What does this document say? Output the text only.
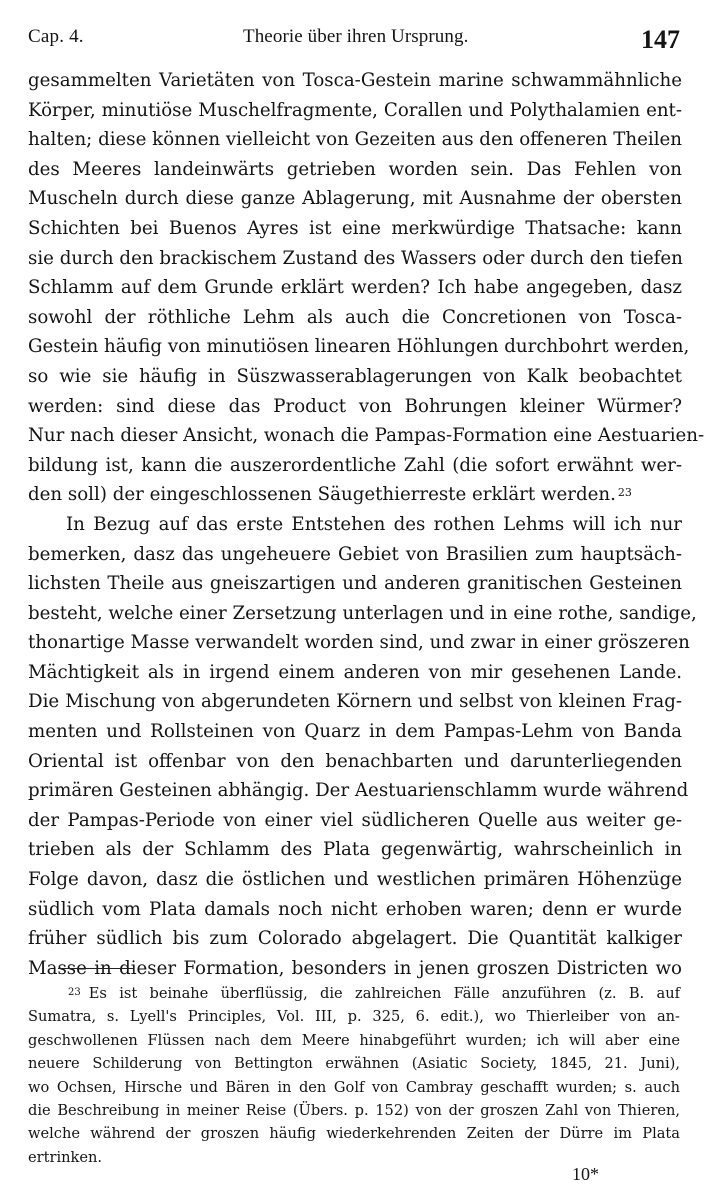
Cap. 4.	Theorie über ihren Ursprung.	147
gesammelten Varietäten von Tosca-Gestein marine schwammähnliche
Körper, minutiöse Muschelfragmente, Corallen und Polythalamien ent-
halten; diese können vielleicht von Gezeiten aus den offeneren Theilen
des Meeres landeinwärts getrieben worden sein. Das Fehlen von
Muscheln durch diese ganze Ablagerung, mit Ausnahme der obersten
Schichten bei Buenos Ayres ist eine merkwürdige Thatsache: kann
sie durch den brackischem Zustand des Wassers oder durch den tiefen
Schlamm auf dem Grunde erklärt werden? Ich habe angegeben, dasz
sowohl der röthliche Lehm als auch die Concretionen von Tosca-
Gestein häufig von minutiösen linearen Höhlungen durchbohrt werden,
so wie sie häufig in Süszwasserablagerungen von Kalk beobachtet
werden: sind diese das Product von Bohrungen kleiner Würmer?
Nur nach dieser Ansicht, wonach die Pampas-Formation eine Aestuarien-
bildung ist, kann die auszerordentliche Zahl (die sofort erwähnt wer-
den soll) der eingeschlossenen Säugethierreste erklärt werden. $^{23}$
In Bezug auf das erste Entstehen des rothen Lehms will ich nur
bemerken, dasz das ungeheuere Gebiet von Brasilien zum hauptsäch-
lichsten Theile aus gneiszartigen und anderen granitischen Gesteinen
besteht, welche einer Zersetzung unterlagen und in eine rothe, sandige,
thonartige Masse verwandelt worden sind, und zwar in einer gröszeren
Mächtigkeit als in irgend einem anderen von mir gesehenen Lande.
Die Mischung von abgerundeten Körnern und selbst von kleinen Frag-
menten und Rollsteinen von Quarz in dem Pampas-Lehm von Banda
Oriental ist offenbar von den benachbarten und darunterliegenden
primären Gesteinen abhängig. Der Aestuarienschlamm wurde während
der Pampas-Periode von einer viel südlicheren Quelle aus weiter ge-
trieben als der Schlamm des Plata gegenwärtig, wahrscheinlich in
Folge davon, dasz die östlichen und westlichen primären Höhenzüge
südlich vom Plata damals noch nicht erhoben waren; denn er wurde
früher südlich bis zum Colorado abgelagert. Die Quantität kalkiger
Masse in dieser Formation, besonders in jenen groszen Districten wo
$^{23}$ Es ist beinahe überflüssig, die zahlreichen Fälle anzuführen (z. B. auf
Sumatra, s. Lyell's Principles, Vol. III, p. 325, 6. edit.), wo Thierleiber von an-
geschwollenen Flüssen nach dem Meere hinabgeführt wurden; ich will aber eine
neuere Schilderung von Bettington erwähnen (Asiatic Society, 1845, 21. Juni),
wo Ochsen, Hirsche und Bären in den Golf von Cambray geschafft wurden; s. auch
die Beschreibung in meiner Reise (Übers. p. 152) von der groszen Zahl von Thieren,
welche während der groszen häufig wiederkehrenden Zeiten der Dürre im Plata
ertrinken.
10*
